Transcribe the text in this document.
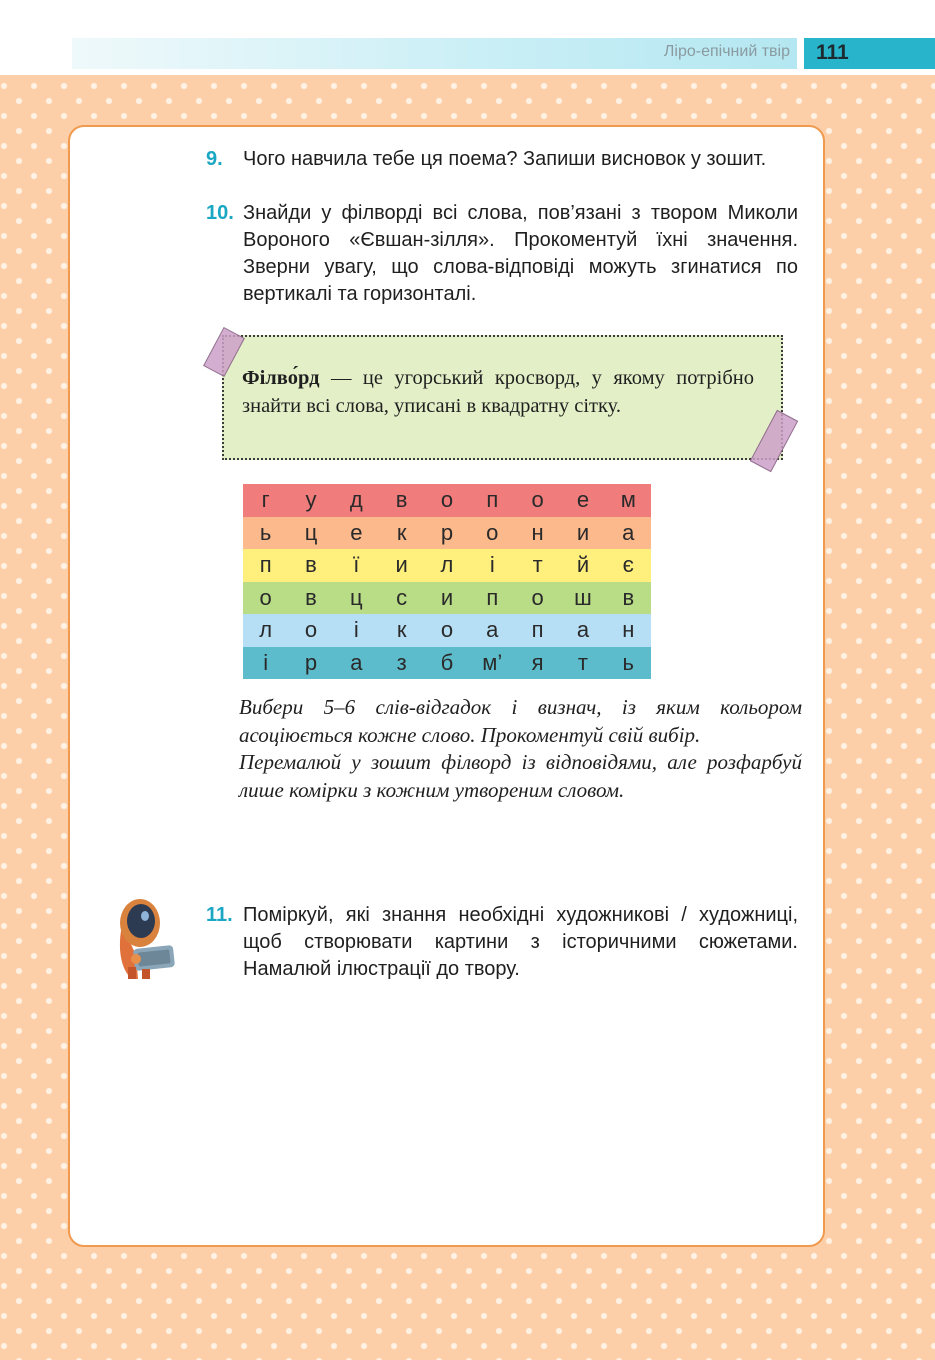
Ліро-епічний твір 111
9. Чого навчила тебе ця поема? Запиши висновок у зошит.
10. Знайди у філворді всі слова, пов’язані з твором Миколи Вороного «Євшан-зілля». Прокоментуй їхні значення. Зверни увагу, що слова-відповіді можуть згинатися по вертикалі та горизонталі.
Філво́рд — це угорський кросворд, у якому потрібно знайти всі слова, уписані в квадратну сітку.
г	у	д	в	о	п	о	е	м
ь	ц	е	к	р	о	н	и	а
п	в	ї	и	л	і	т	й	є
о	в	ц	с	и	п	о	ш	в
л	о	і	к	о	а	п	а	н
і	р	а	з	б	м’	я	т	ь

Вибери 5–6 слів-відгадок і визнач, із яким кольором асоціюється кожне слово. Прокоментуй свій вибір.

Перемалюй у зошит філворд із відповідями, але розфарбуй лише комірки з кожним утвореним словом.

11. Поміркуй, які знання необхідні художникові / художниці, щоб створювати картини з історичними сюжетами. Намалюй ілюстрації до твору.
